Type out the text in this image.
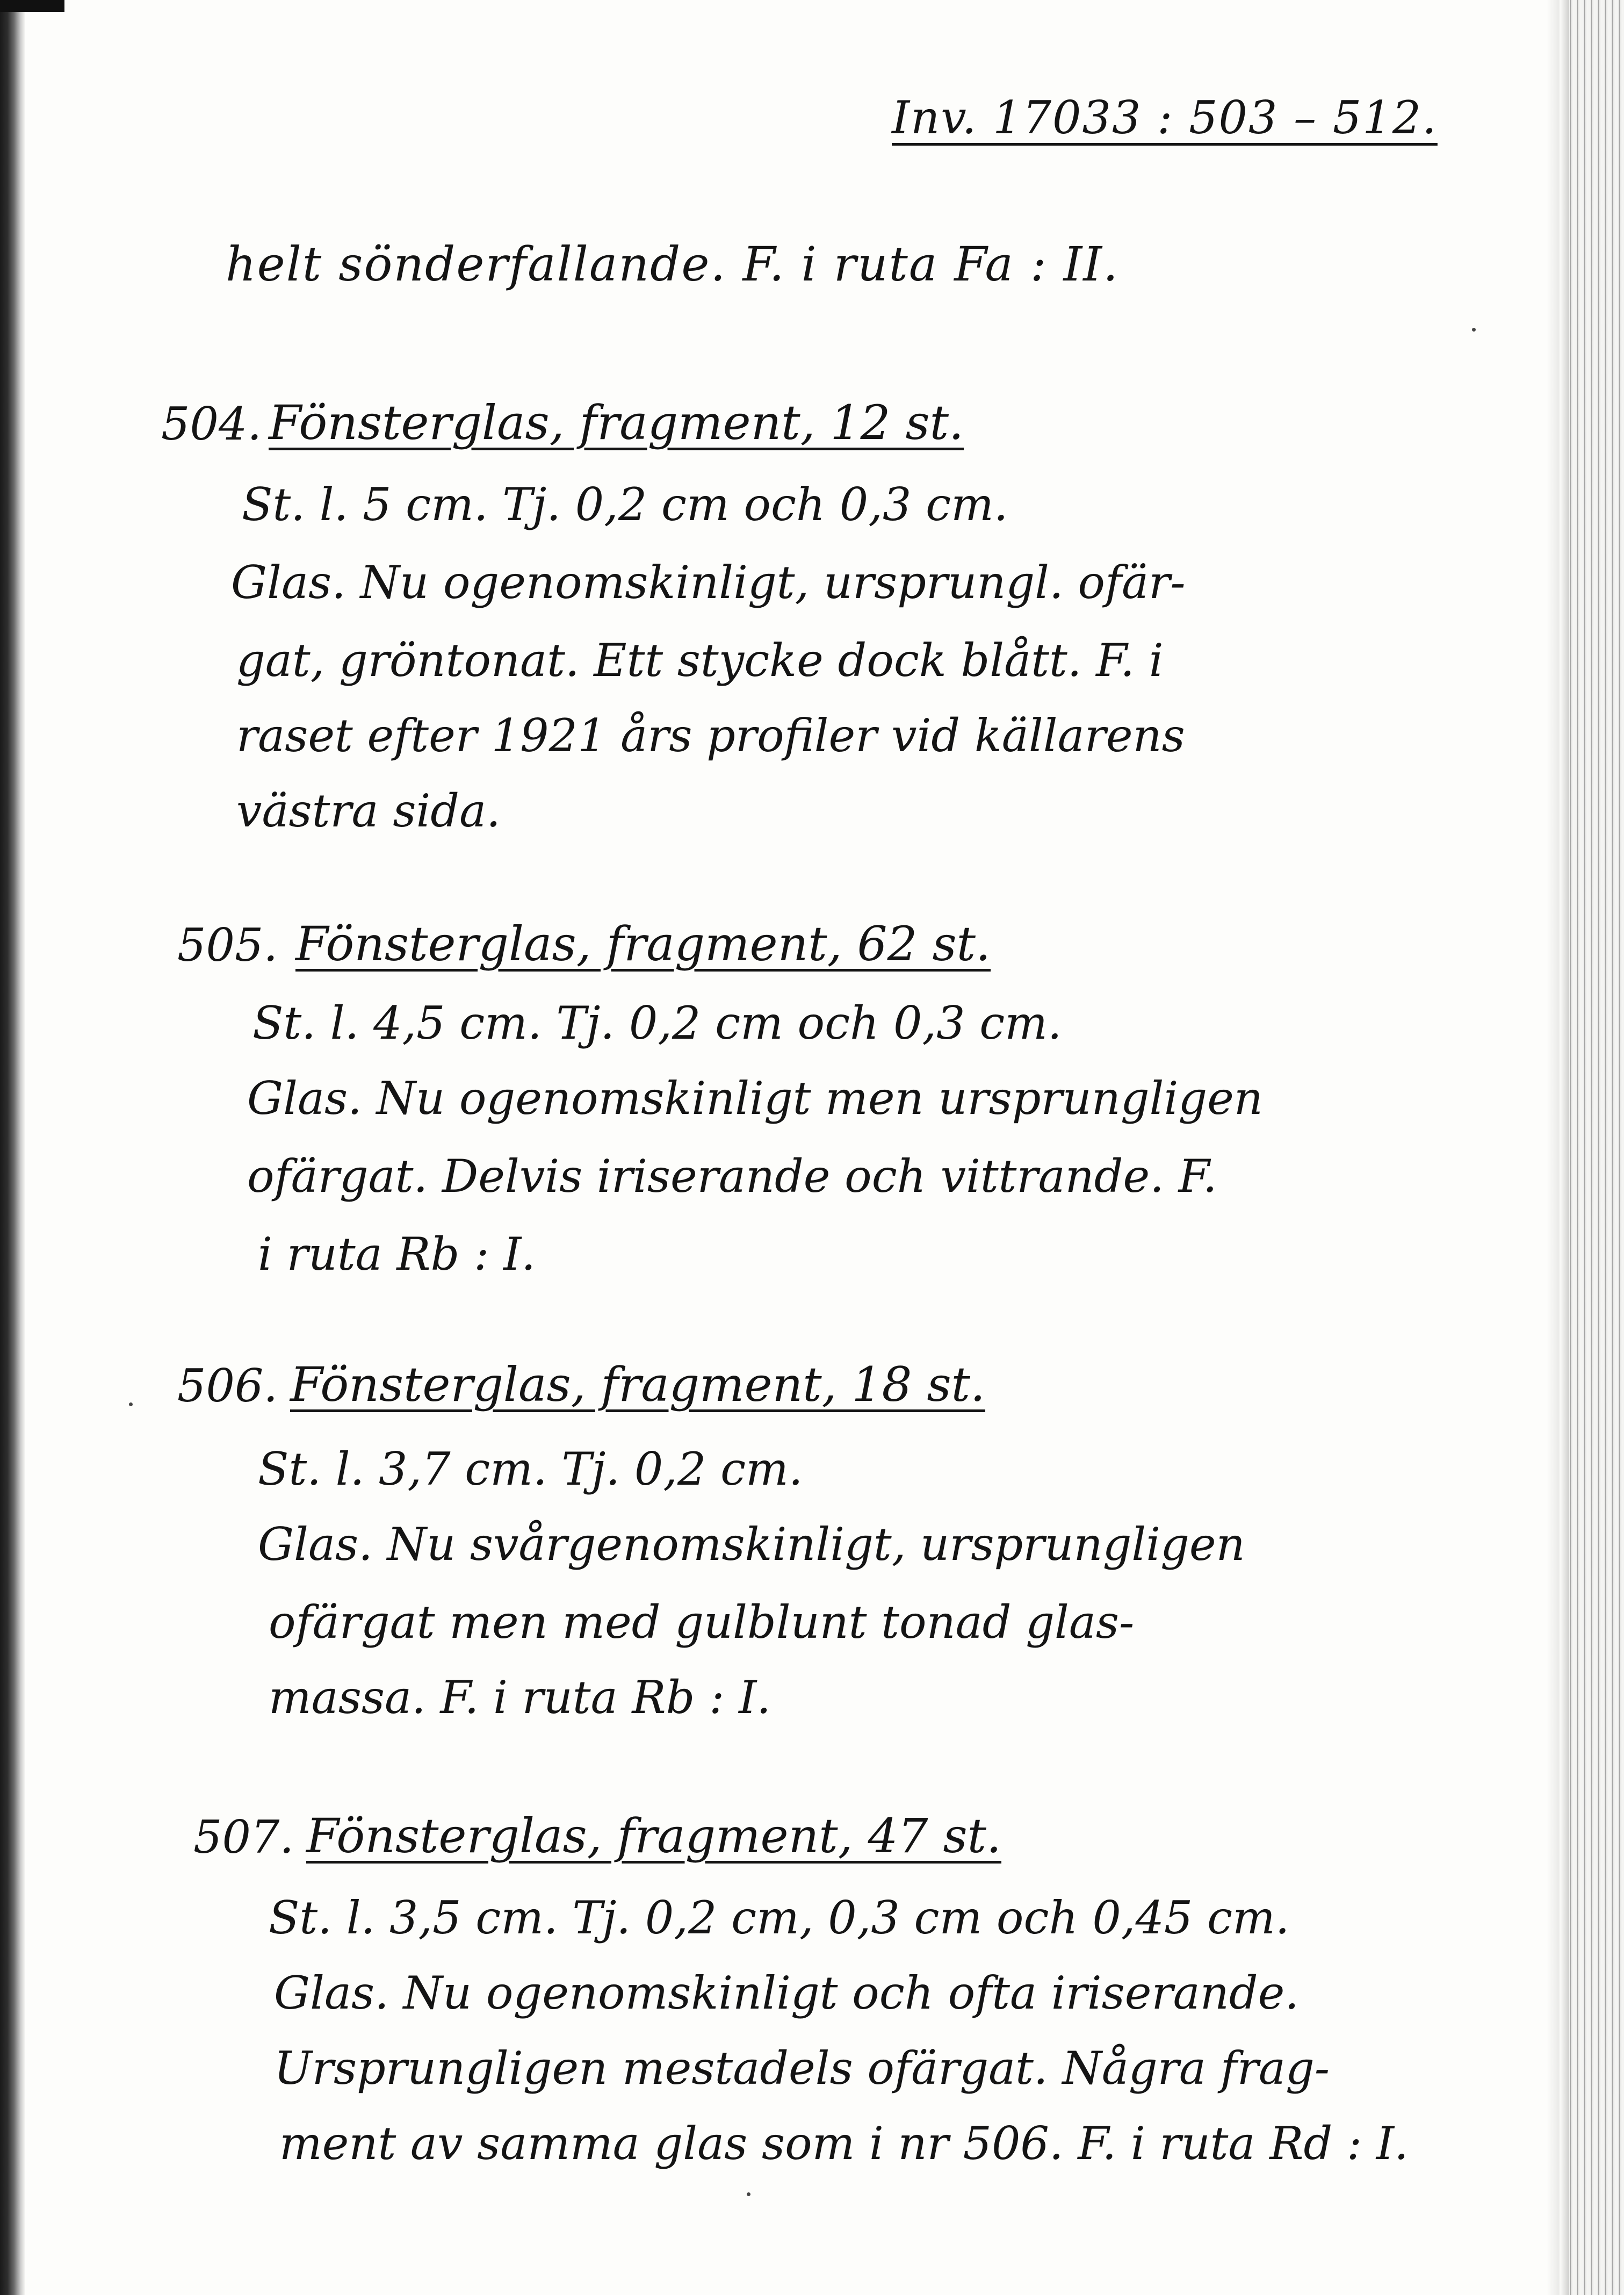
Inv. 17033 : 503 – 512.
helt sönderfallande. F. i ruta Fa : II.
504. Fönsterglas, fragment, 12 st.
St. l. 5 cm. Tj. 0,2 cm och 0,3 cm.
Glas. Nu ogenomskinligt, ursprungl. ofär-
gat, gröntonat. Ett stycke dock blått. F. i
raset efter 1921 års profiler vid källarens
västra sida.
505. Fönsterglas, fragment, 62 st.
St. l. 4,5 cm. Tj. 0,2 cm och 0,3 cm.
Glas. Nu ogenomskinligt men ursprungligen
ofärgat. Delvis iriserande och vittrande. F.
i ruta Rb : I.
506. Fönsterglas, fragment, 18 st.
St. l. 3,7 cm. Tj. 0,2 cm.
Glas. Nu svårgenomskinligt, ursprungligen
ofärgat men med gulblunt tonad glas-
massa. F. i ruta Rb : I.
507. Fönsterglas, fragment, 47 st.
St. l. 3,5 cm. Tj. 0,2 cm, 0,3 cm och 0,45 cm.
Glas. Nu ogenomskinligt och ofta iriserande.
Ursprungligen mestadels ofärgat. Några frag-
ment av samma glas som i nr 506. F. i ruta Rd : I.
